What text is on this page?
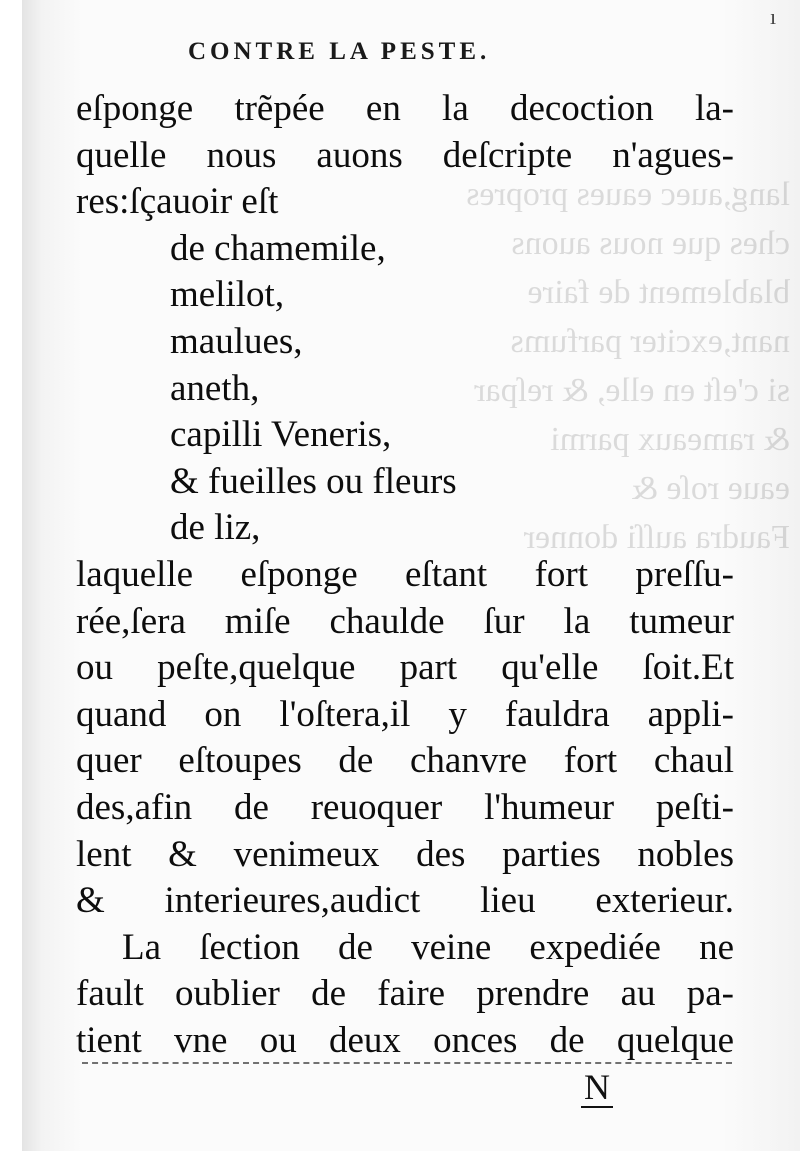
ı
CONTRE LA PESTE.
eſponge trẽpée en la decoction la-
quelle nous auons deſcripte n'agues-
res:ſçauoir eſt
de chamemile,
melilot,
maulues,
aneth,
capilli Veneris,
& fueilles ou fleurs
de liz,
laquelle eſponge eſtant fort preſſu-
rée,ſera miſe chaulde ſur la tumeur
ou peſte,quelque part qu'elle ſoit.Et
quand on l'oſtera,il y fauldra appli-
quer eſtoupes de chanvre fort chaul
des,afin de reuoquer l'humeur peſti-
lent & venimeux des parties nobles
& interieures,audict lieu exterieur.
La ſection de veine expediée ne
fault oublier de faire prendre au pa-
tient vne ou deux onces de quelque
N
